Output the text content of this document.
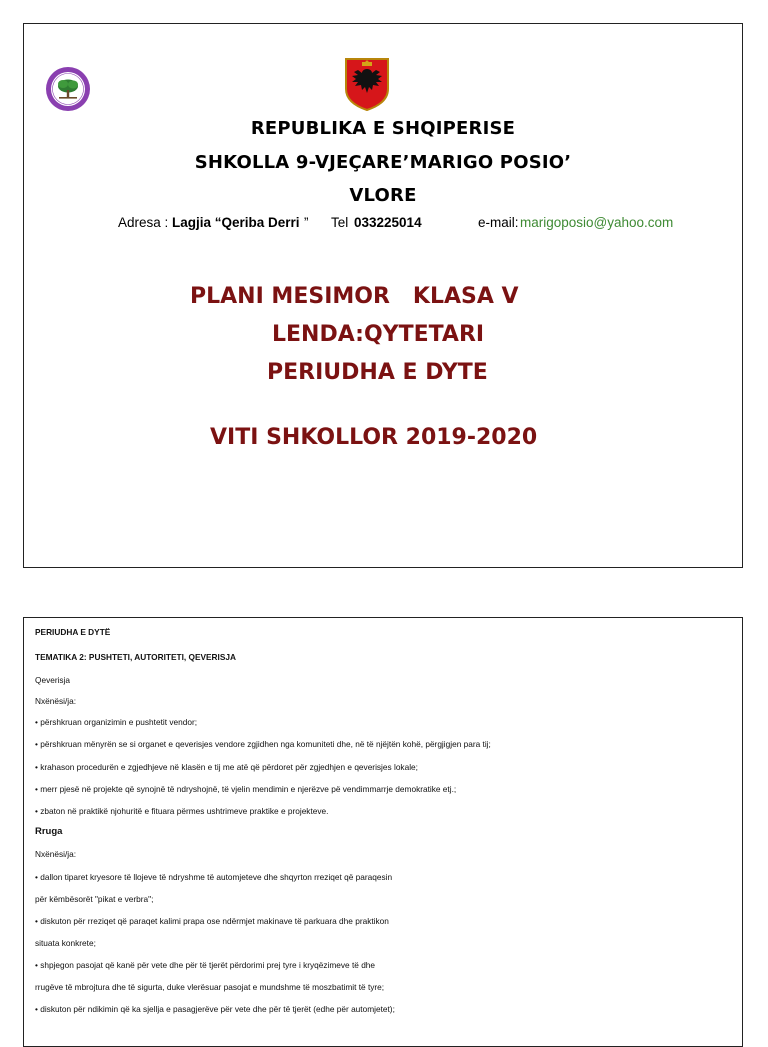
REPUBLIKA E SHQIPERISE
SHKOLLA 9-VJEÇARE’MARIGO POSIO’
VLORE
Adresa : Lagjia “Qeriba Derri ” Tel 033225014	e-mail: marigoposio@yahoo.com
PLANI MESIMOR   KLASA V
LENDA:QYTETARI
PERIUDHA E DYTE
VITI SHKOLLOR 2019-2020
PERIUDHA E DYTË
TEMATIKA 2: PUSHTETI, AUTORITETI, QEVERISJA
Qeverisja
Nxënësi/ja:
• përshkruan organizimin e pushtetit vendor;
• përshkruan mënyrën se si organet e qeverisjes vendore zgjidhen nga komuniteti dhe, në të njëjtën kohë, përgjigjen para tij;
• krahason procedurën e zgjedhjeve në klasën e tij me atë që përdoret për zgjedhjen e qeverisjes lokale;
• merr pjesë në projekte që synojnë të ndryshojnë, të vjelin mendimin e njerëzve pë vendimmarrje demokratike etj.;
• zbaton në praktikë njohuritë e fituara përmes ushtrimeve praktike e projekteve.
Rruga
Nxënësi/ja:
• dallon tiparet kryesore të llojeve të ndryshme të automjeteve dhe shqyrton rreziqet që paraqesin
për këmbësorët "pikat e verbra";
• diskuton për rreziqet që paraqet kalimi prapa ose ndërmjet makinave të parkuara dhe praktikon
situata konkrete;
• shpjegon pasojat që kanë për vete dhe për të tjerët përdorimi prej tyre i kryqëzimeve të dhe
rrugëve të mbrojtura dhe të sigurta, duke vlerësuar pasojat e mundshme të moszbatimit të tyre;
• diskuton për ndikimin që ka sjellja e pasagjerëve për vete dhe për të tjerët (edhe për automjetet);
